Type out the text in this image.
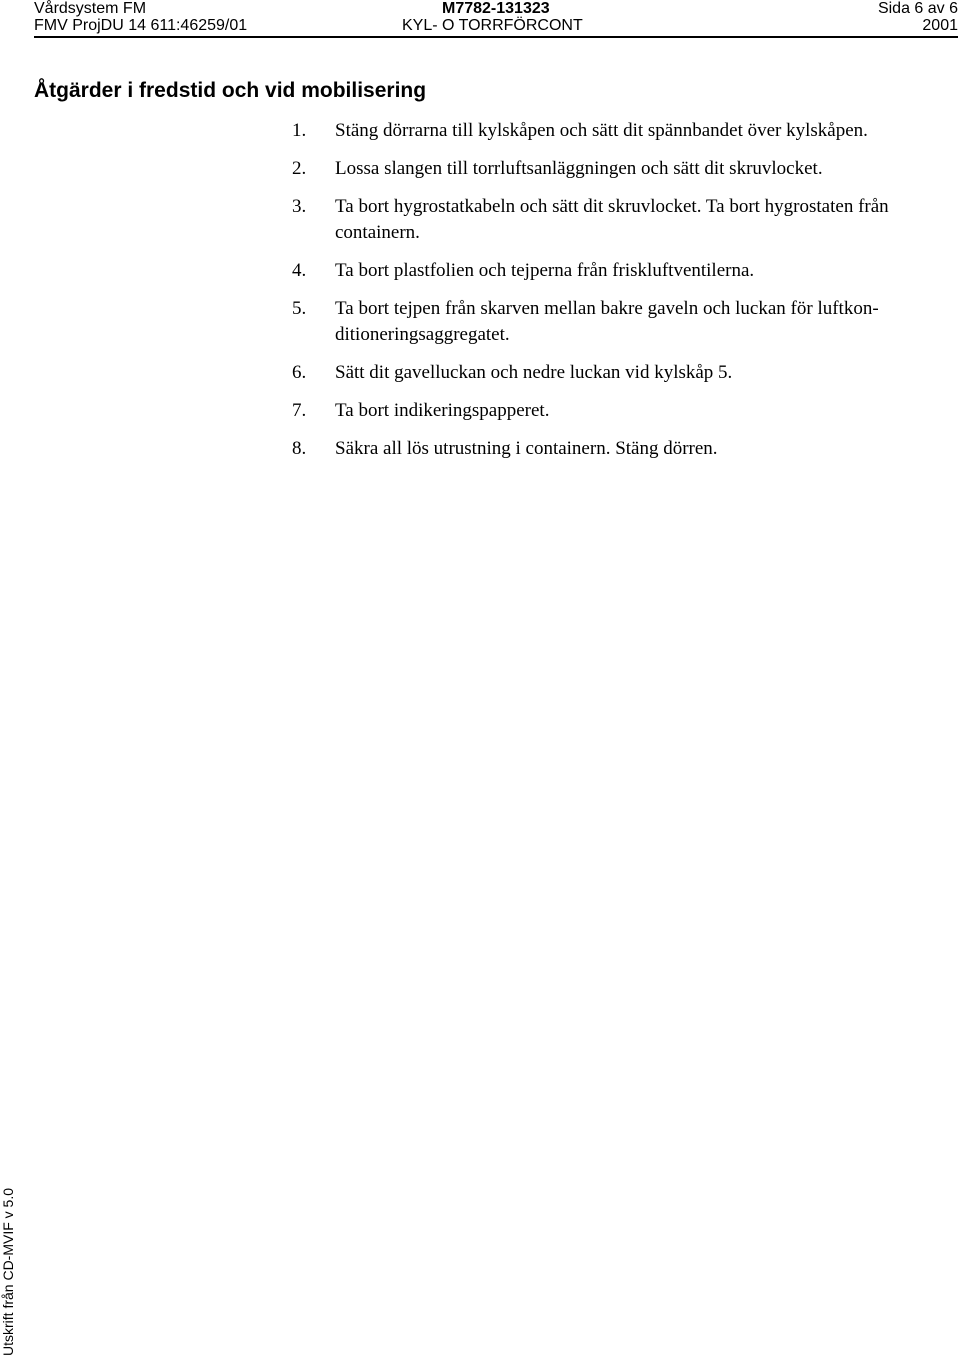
Vårdsystem FM
FMV ProjDU 14 611:46259/01
M7782-131323
KYL- O TORRFÖRCONT
Sida 6 av 6
2001
Åtgärder i fredstid och vid mobilisering
1.	Stäng dörrarna till kylskåpen och sätt dit spännbandet över kylskåpen.
2.	Lossa slangen till torrluftsanläggningen och sätt dit skruvlocket.
3.	Ta bort hygrostatkabeln och sätt dit skruvlocket. Ta bort hygrostaten från containern.
4.	Ta bort plastfolien och tejperna från friskluftventilerna.
5.	Ta bort tejpen från skarven mellan bakre gaveln och luckan för luftkonditioneringsaggregatet.
6.	Sätt dit gavelluckan och nedre luckan vid kylskåp 5.
7.	Ta bort indikeringspapperet.
8.	Säkra all lös utrustning i containern. Stäng dörren.
Utskrift från CD-MVIF v 5.0
